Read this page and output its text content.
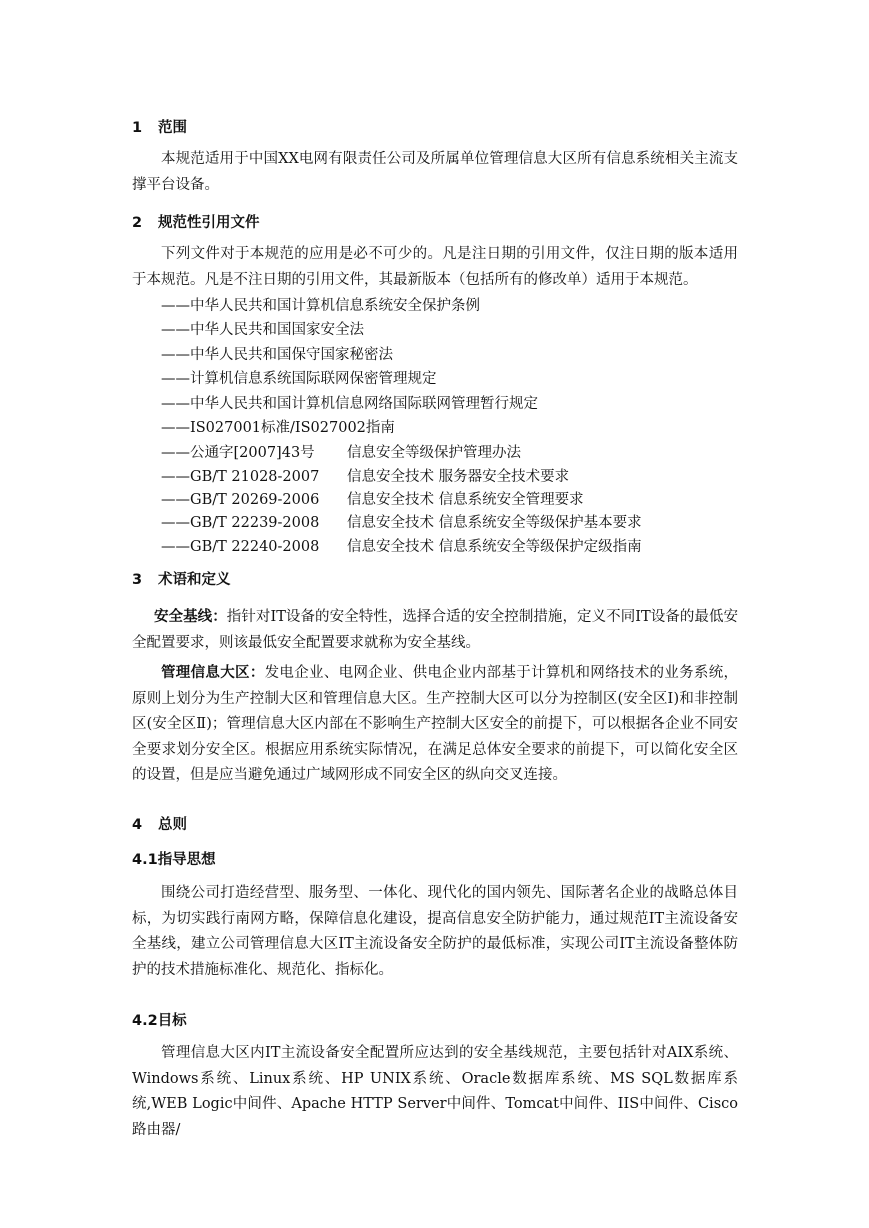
1 范围
本规范适用于中国XX电网有限责任公司及所属单位管理信息大区所有信息系统相关主流支撑平台设备。
2 规范性引用文件
下列文件对于本规范的应用是必不可少的。凡是注日期的引用文件，仅注日期的版本适用于本规范。凡是不注日期的引用文件，其最新版本（包括所有的修改单）适用于本规范。
——中华人民共和国计算机信息系统安全保护条例
——中华人民共和国国家安全法
——中华人民共和国保守国家秘密法
——计算机信息系统国际联网保密管理规定
——中华人民共和国计算机信息网络国际联网管理暂行规定
——IS027001标准/IS027002指南
——公通字[2007]43号 信息安全等级保护管理办法
——GB/T 21028-2007 信息安全技术 服务器安全技术要求
——GB/T 20269-2006 信息安全技术 信息系统安全管理要求
——GB/T 22239-2008 信息安全技术 信息系统安全等级保护基本要求
——GB/T 22240-2008 信息安全技术 信息系统安全等级保护定级指南
3 术语和定义
安全基线：指针对IT设备的安全特性，选择合适的安全控制措施，定义不同IT设备的最低安全配置要求，则该最低安全配置要求就称为安全基线。
管理信息大区：发电企业、电网企业、供电企业内部基于计算机和网络技术的业务系统，原则上划分为生产控制大区和管理信息大区。生产控制大区可以分为控制区(安全区Ⅰ)和非控制区(安全区Ⅱ)；管理信息大区内部在不影响生产控制大区安全的前提下，可以根据各企业不同安全要求划分安全区。根据应用系统实际情况，在满足总体安全要求的前提下，可以简化安全区的设置，但是应当避免通过广域网形成不同安全区的纵向交叉连接。
4 总则
4.1指导思想
围绕公司打造经营型、服务型、一体化、现代化的国内领先、国际著名企业的战略总体目标，为切实践行南网方略，保障信息化建设，提高信息安全防护能力，通过规范IT主流设备安全基线，建立公司管理信息大区IT主流设备安全防护的最低标准，实现公司IT主流设备整体防护的技术措施标准化、规范化、指标化。
4.2目标
管理信息大区内IT主流设备安全配置所应达到的安全基线规范，主要包括针对AIX系统、Windows系统、Linux系统、HP UNIX系统、Oracle数据库系统、MS SQL数据库系统,WEB Logic中间件、Apache HTTP Server中间件、Tomcat中间件、IIS中间件、Cisco路由器/
